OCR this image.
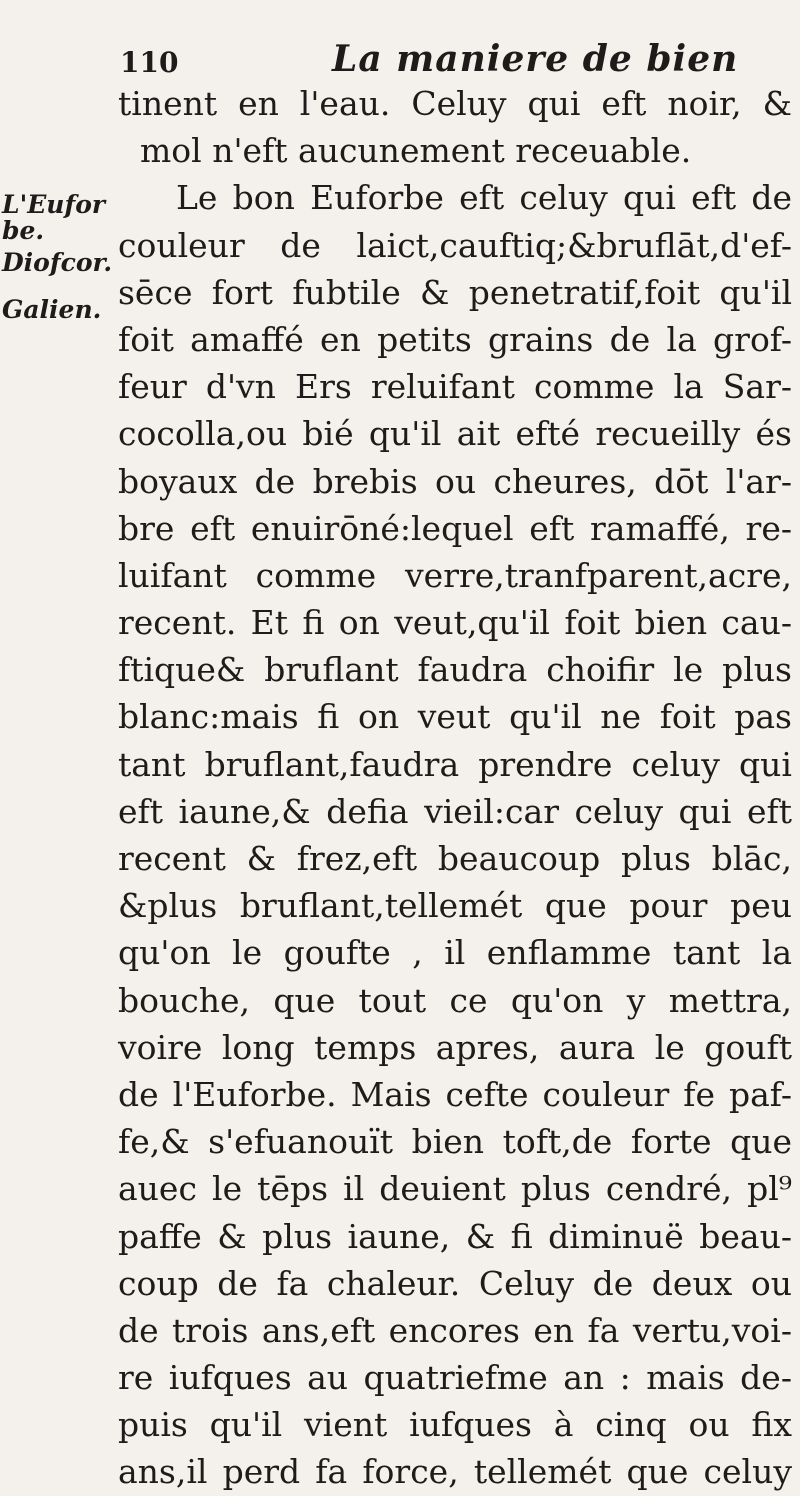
110	La maniere de bien
L'Eufor
be.
Diofcor.
Galien.
tinent en l'eau. Celuy qui eft noir, &
mol n'eft aucunement receuable.
Le bon Euforbe eft celuy qui eft de
couleur de laict,cauftiq;&bruflāt,d'ef-
sēce fort fubtile & penetratif,foit qu'il
foit amaffé en petits grains de la grof-
feur d'vn Ers reluifant comme la Sar-
cocolla,ou bié qu'il ait efté recueilly és
boyaux de brebis ou cheures, dōt l'ar-
bre eft enuirōné:lequel eft ramaffé, re-
luifant comme verre,tranfparent,acre,
recent. Et fi on veut,qu'il foit bien cau-
ftique& bruflant faudra choifir le plus
blanc:mais fi on veut qu'il ne foit pas
tant bruflant,faudra prendre celuy qui
eft iaune,& defia vieil:car celuy qui eft
recent & frez,eft beaucoup plus blāc,
&plus bruflant,tellemét que pour peu
qu'on le goufte , il enflamme tant la
bouche, que tout ce qu'on y mettra,
voire long temps apres, aura le gouft
de l'Euforbe. Mais cefte couleur fe paf-
fe,& s'efuanouït bien toft,de forte que
auec le tēps il deuient plus cendré, pl⁹
paffe & plus iaune, & fi diminuë beau-
coup de fa chaleur. Celuy de deux ou
de trois ans,eft encores en fa vertu,voi-
re iufques au quatriefme an : mais de-
puis qu'il vient iufques à cinq ou fix
ans,il perd fa force, tellemét que celuy
